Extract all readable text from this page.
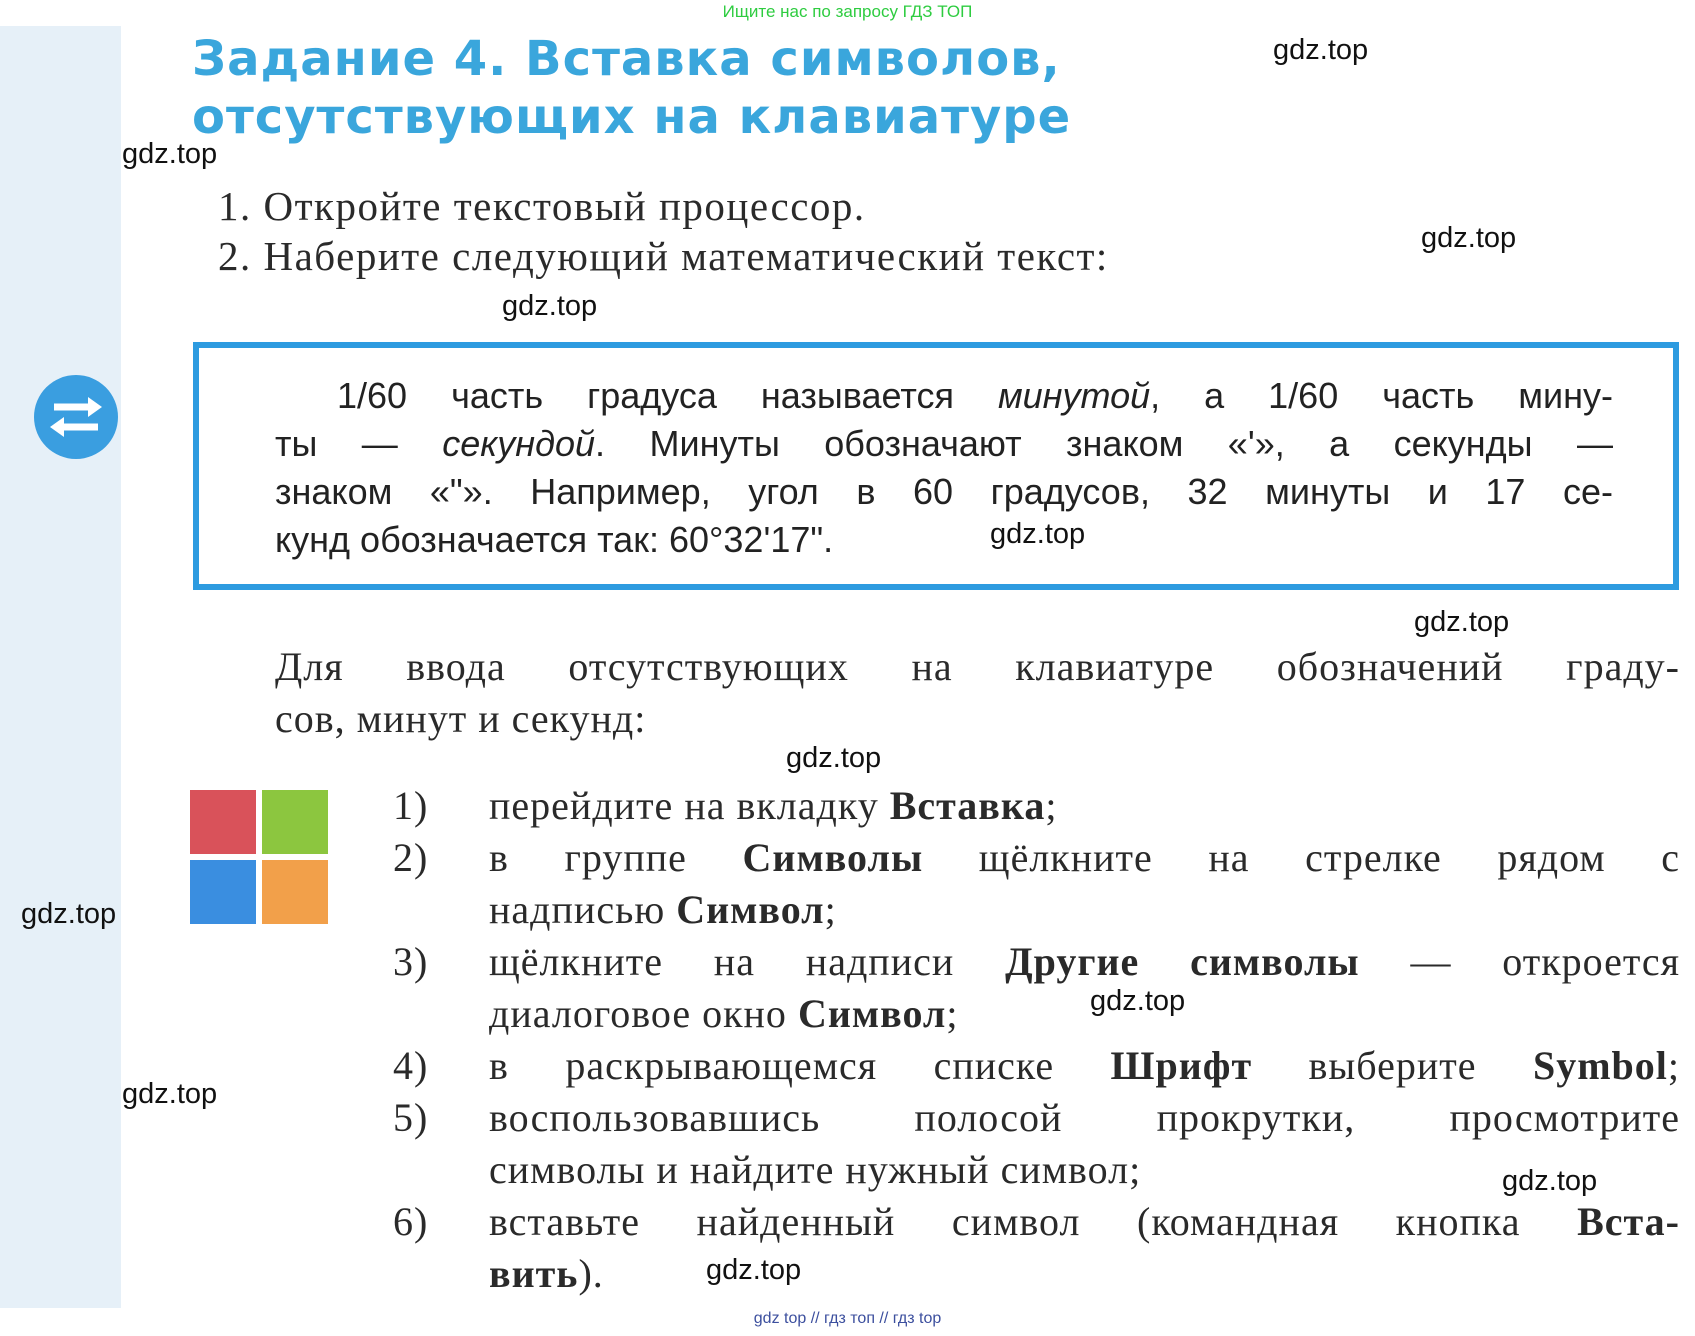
Ищите нас по запросу ГДЗ ТОП
Задание 4. Вставка символов,
отсутствующих на клавиатуре
1. Откройте текстовый процессор.
2. Наберите следующий математический текст:
1/60 часть градуса называется минутой, а 1/60 часть мину-
ты — секундой. Минуты обозначают знаком «'», а секунды —
знаком «"». Например, угол в 60 градусов, 32 минуты и 17 се-
кунд обозначается так: 60°32'17".
Для ввода отсутствующих на клавиатуре обозначений граду-
сов, минут и секунд:
1) перейдите на вкладку Вставка;
2) в группе Символы щёлкните на стрелке рядом с
надписью Символ;
3) щёлкните на надписи Другие символы — откроется
диалоговое окно Символ;
4) в раскрывающемся списке Шрифт выберите Symbol;
5) воспользовавшись полосой прокрутки, просмотрите
символы и найдите нужный символ;
6) вставьте найденный символ (командная кнопка Вста-
вить).
gdz.top
gdz.top
gdz.top
gdz.top
gdz.top
gdz.top
gdz.top
gdz.top
gdz.top
gdz.top
gdz.top
gdz.top
gdz top // гдз топ // гдз top
